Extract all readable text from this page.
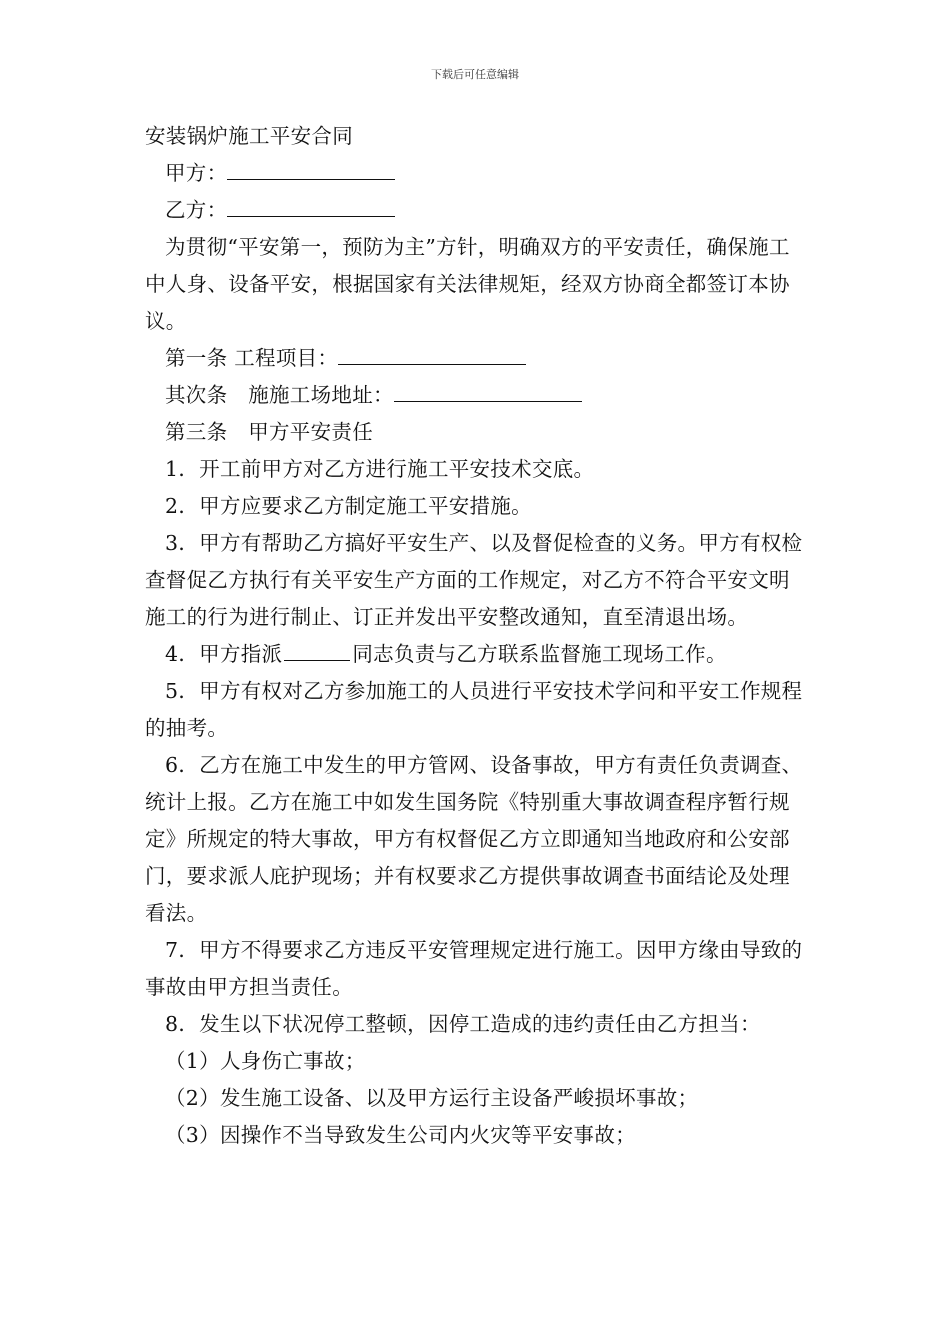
下载后可任意编辑

安装锅炉施工平安合同

甲方：

乙方：

为贯彻“平安第一，预防为主”方针，明确双方的平安责任，确保施工中人身、设备平安，根据国家有关法律规矩，经双方协商全都签订本协议。

第一条 工程项目：

其次条　施施工场地址：

第三条　甲方平安责任

1．开工前甲方对乙方进行施工平安技术交底。

2．甲方应要求乙方制定施工平安措施。

3．甲方有帮助乙方搞好平安生产、以及督促检查的义务。甲方有权检查督促乙方执行有关平安生产方面的工作规定，对乙方不符合平安文明施工的行为进行制止、订正并发出平安整改通知，直至清退出场。

4．甲方指派	同志负责与乙方联系监督施工现场工作。

5．甲方有权对乙方参加施工的人员进行平安技术学问和平安工作规程的抽考。

6．乙方在施工中发生的甲方管网、设备事故，甲方有责任负责调查、统计上报。乙方在施工中如发生国务院《特别重大事故调查程序暂行规定》所规定的特大事故，甲方有权督促乙方立即通知当地政府和公安部门，要求派人庇护现场；并有权要求乙方提供事故调查书面结论及处理看法。

7．甲方不得要求乙方违反平安管理规定进行施工。因甲方缘由导致的事故由甲方担当责任。

8．发生以下状况停工整顿，因停工造成的违约责任由乙方担当：

（1）人身伤亡事故；

（2）发生施工设备、以及甲方运行主设备严峻损坏事故；

（3）因操作不当导致发生公司内火灾等平安事故；
